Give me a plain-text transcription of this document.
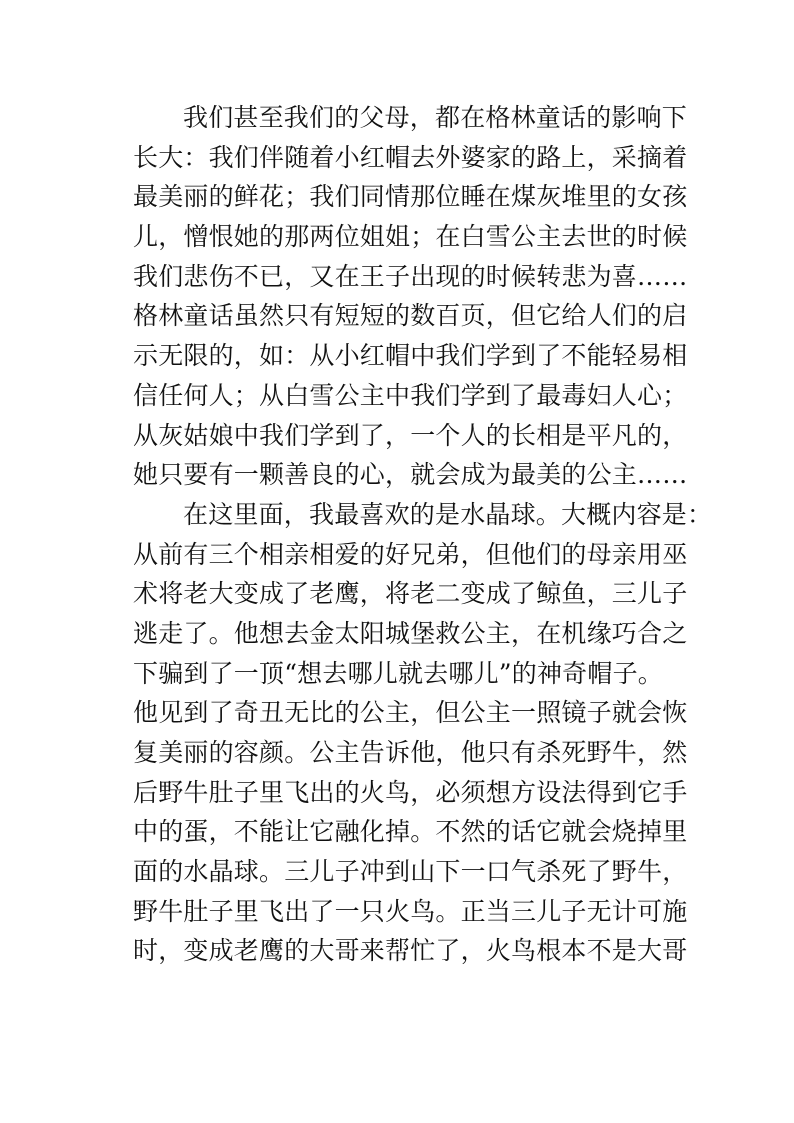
我们甚至我们的父母，都在格林童话的影响下
长大：我们伴随着小红帽去外婆家的路上，采摘着
最美丽的鲜花；我们同情那位睡在煤灰堆里的女孩
儿，憎恨她的那两位姐姐；在白雪公主去世的时候
我们悲伤不已，又在王子出现的时候转悲为喜……
格林童话虽然只有短短的数百页，但它给人们的启
示无限的，如：从小红帽中我们学到了不能轻易相
信任何人；从白雪公主中我们学到了最毒妇人心；
从灰姑娘中我们学到了，一个人的长相是平凡的，
她只要有一颗善良的心，就会成为最美的公主……
在这里面，我最喜欢的是水晶球。大概内容是：
从前有三个相亲相爱的好兄弟，但他们的母亲用巫
术将老大变成了老鹰，将老二变成了鲸鱼，三儿子
逃走了。他想去金太阳城堡救公主，在机缘巧合之
下骗到了一顶“想去哪儿就去哪儿”的神奇帽子。
他见到了奇丑无比的公主，但公主一照镜子就会恢
复美丽的容颜。公主告诉他，他只有杀死野牛，然
后野牛肚子里飞出的火鸟，必须想方设法得到它手
中的蛋，不能让它融化掉。不然的话它就会烧掉里
面的水晶球。三儿子冲到山下一口气杀死了野牛，
野牛肚子里飞出了一只火鸟。正当三儿子无计可施
时，变成老鹰的大哥来帮忙了，火鸟根本不是大哥
